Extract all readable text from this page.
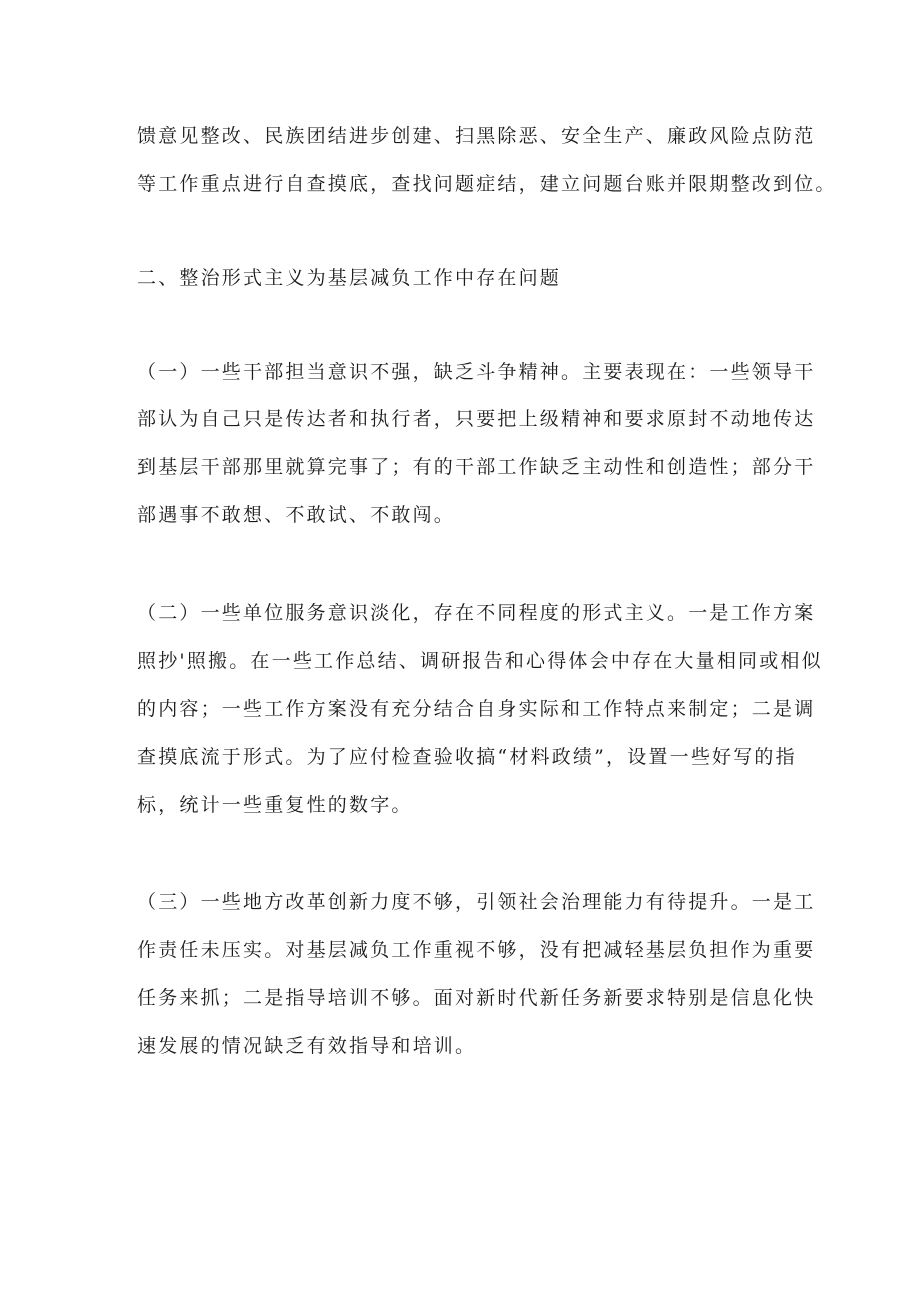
馈意见整改、民族团结进步创建、扫黑除恶、安全生产、廉政风险点防范
等工作重点进行自查摸底，查找问题症结，建立问题台账并限期整改到位。
二、整治形式主义为基层减负工作中存在问题
（一）一些干部担当意识不强，缺乏斗争精神。主要表现在：一些领导干
部认为自己只是传达者和执行者，只要把上级精神和要求原封不动地传达
到基层干部那里就算完事了；有的干部工作缺乏主动性和创造性；部分干
部遇事不敢想、不敢试、不敢闯。
（二）一些单位服务意识淡化，存在不同程度的形式主义。一是工作方案
照抄'照搬。在一些工作总结、调研报告和心得体会中存在大量相同或相似
的内容；一些工作方案没有充分结合自身实际和工作特点来制定；二是调
查摸底流于形式。为了应付检查验收搞“材料政绩”，设置一些好写的指
标，统计一些重复性的数字。
（三）一些地方改革创新力度不够，引领社会治理能力有待提升。一是工
作责任未压实。对基层减负工作重视不够，没有把减轻基层负担作为重要
任务来抓；二是指导培训不够。面对新时代新任务新要求特别是信息化快
速发展的情况缺乏有效指导和培训。
